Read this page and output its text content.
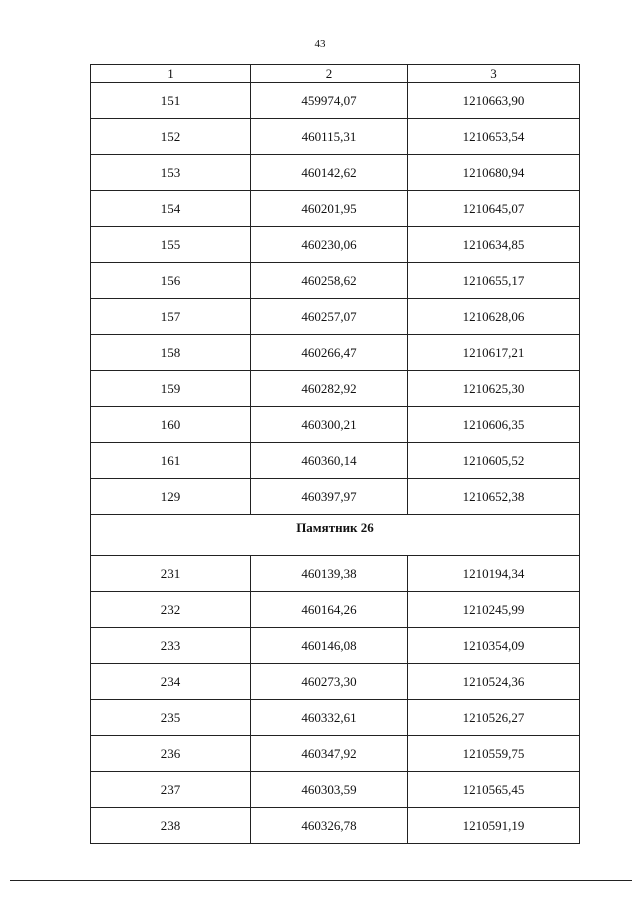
43
1	2	3
151	459974,07	1210663,90
152	460115,31	1210653,54
153	460142,62	1210680,94
154	460201,95	1210645,07
155	460230,06	1210634,85
156	460258,62	1210655,17
157	460257,07	1210628,06
158	460266,47	1210617,21
159	460282,92	1210625,30
160	460300,21	1210606,35
161	460360,14	1210605,52
129	460397,97	1210652,38
Памятник 26		
231	460139,38	1210194,34
232	460164,26	1210245,99
233	460146,08	1210354,09
234	460273,30	1210524,36
235	460332,61	1210526,27
236	460347,92	1210559,75
237	460303,59	1210565,45
238	460326,78	1210591,19
